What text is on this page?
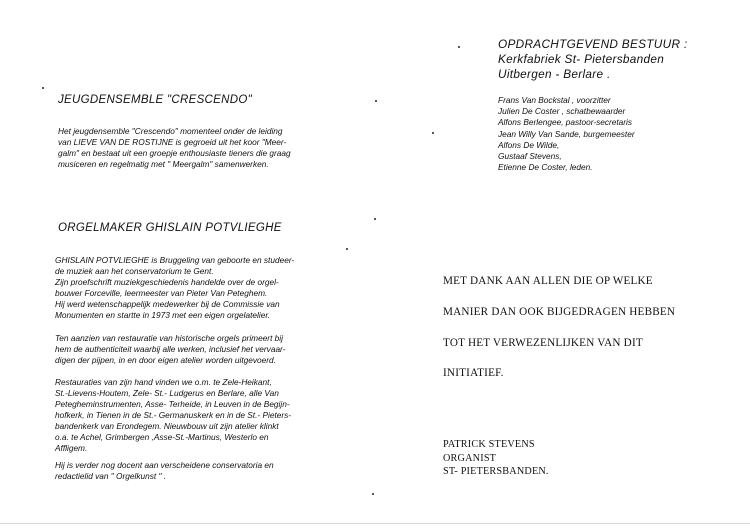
JEUGDENSEMBLE "CRESCENDO"
Het jeugdensemble "Crescendo" momenteel onder de leiding
van LIEVE VAN DE ROSTIJNE is gegroeid uit het koor "Meer-
galm" en bestaat uit een groepje enthousiaste tieners die graag
musiceren en regelmatig met " Meergalm" samenwerken.
ORGELMAKER GHISLAIN POTVLIEGHE
GHISLAIN POTVLIEGHE is Bruggeling van geboorte en studeer-
de muziek aan het conservatorium te Gent.
Zijn proefschrift muziekgeschiedenis handelde over de orgel-
bouwer Forceville, leermeester van Pieter Van Peteghem.
Hij werd wetenschappelijk medewerker bij de Commissie van
Monumenten en startte in 1973 met een eigen orgelatelier.
Ten aanzien van restauratie van historische orgels primeert bij
hem de authenticiteit waarbij alle werken, inclusief het vervaar-
digen der pijpen, in en door eigen atelier worden uitgevoerd.
Restauraties van zijn hand vinden we o.m. te Zele-Heikant,
St.-Lievens-Houtem, Zele- St.- Ludgerus en Berlare, alle Van
Petegheminstrumenten, Asse- Terheide, in Leuven in de Begijn-
hofkerk, in Tienen in de St.- Germanuskerk en in de St.- Pieters-
bandenkerk van Erondegem. Nieuwbouw uit zijn atelier klinkt
o.a. te Achel, Grimbergen ,Asse-St.-Martinus, Westerlo en
Affligem.
Hij is verder nog docent aan verscheidene conservatoria en
redactielid van " Orgelkunst " .
OPDRACHTGEVEND BESTUUR :
Kerkfabriek St- Pietersbanden
Uitbergen - Berlare .
Frans Van Bockstal , voorzitter
Julien De Coster , schatbewaarder
Alfons Berlengee, pastoor-secretaris
Jean Willy Van Sande, burgemeester
Alfons De Wilde,
Gustaaf Stevens,
Etienne De Coster, leden.
MET DANK AAN ALLEN DIE OP WELKE
MANIER DAN OOK BIJGEDRAGEN HEBBEN
TOT HET VERWEZENLIJKEN VAN DIT
INITIATIEF.
PATRICK STEVENS
ORGANIST
ST- PIETERSBANDEN.
